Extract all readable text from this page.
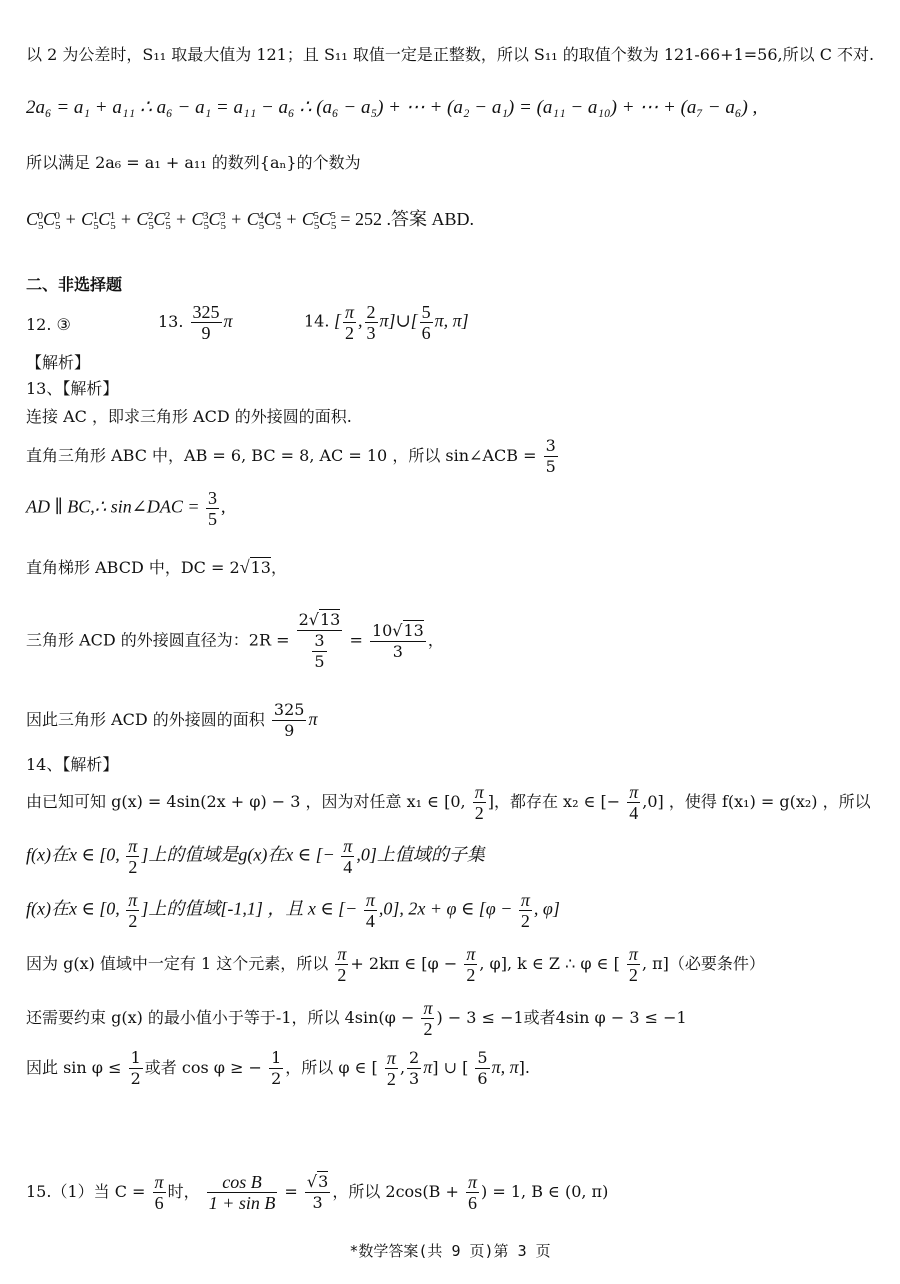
以 2 为公差时，S₁₁ 取最大值为 121；且 S₁₁ 取值一定是正整数，所以 S₁₁ 的取值个数为 121-66+1=56,所以 C 不对.
2a₆ = a₁ + a₁₁ ∴ a₆ − a₁ = a₁₁ − a₆ ∴ (a₆ − a₅) + ⋯ + (a₂ − a₁) = (a₁₁ − a₁₀) + ⋯ + (a₇ − a₆) ,
所以满足 2a₆ = a₁ + a₁₁ 的数列{aₙ}的个数为
$C_5^0C_5^0 + C_5^1C_5^1 + C_5^2C_5^2 + C_5^3C_5^3 + C_5^4C_5^4 + C_5^5C_5^5 = 252$ .答案 ABD.
二、非选择题
12. ③	13. $\frac{325}{9}$ π	14. [ $\frac{\pi}{2}$ , $\frac{2}{3}$ π]∪[ $\frac{5}{6} \pi$, π]
【解析】
13、【解析】
连接 AC ，即求三角形 ACD 的外接圆的面积.
直角三角形 ABC 中，AB = 6, BC = 8, AC = 10 ，所以 sin∠ACB = $\frac{3}{5}$
AD ∥ BC,∴ sin∠DAC = $\frac{3}{5}$ ,
直角梯形 ABCD 中，DC = 2√13，
三角形 ACD 的外接圆直径为：$2R = \frac{2√13}{\frac{3}{5}} = \frac{10√13}{3}$ ，
因此三角形 ACD 的外接圆的面积 $\frac{325}{9}$ π
14、【解析】
由已知可知 g(x) = 4sin(2x + φ) − 3 ，因为对任意 x₁ ∈ [0, $\frac{\pi}{2}$ ]，都存在 x₂ ∈ [− $\frac{\pi}{4} ,0$] ，使得 f(x₁) = g(x₂) ，所以
f(x)在x ∈ [0, $\frac{\pi}{2}$ ]上的值域是g(x)在x ∈ [− $\frac{\pi}{4} ,0$]上值域的子集
f(x)在x ∈ [0, $\frac{\pi}{2}$ ]上的值域[-1,1] ，且 x ∈ [− $\frac{\pi}{4} ,0$], 2x + φ ∈ [$\varphi - \frac{\pi}{2}$ , φ]
因为 g(x) 值域中一定有 1 这个元素，所以 $\frac{\pi}{2} + 2k\pi$ ∈ [$\varphi - \frac{\pi}{2}$ , φ], k ∈ Z ∴ φ ∈ [ $\frac{\pi}{2}$ , π]（必要条件）
还需要约束 g(x) 的最小值小于等于-1，所以 $4\sin(\varphi - \frac{\pi}{2}$ ) − 3 ≤ −1或者4sin φ − 3 ≤ −1
因此 $\sin \varphi \le \frac{1}{2}$ 或者 cos φ ≥ − $\frac{1}{2}$ ，所以 φ ∈ [ $\frac{\pi}{2}$ , $\frac{2}{3} \pi$] ∪ [ $\frac{5}{6} \pi$, π].
15.（1）当 $C = \frac{\pi}{6}$ 时， $\frac{\text{cos B}}{\text{1 + sin B}} = \frac{√3}{3}$ ，所以 $2\cos(B + \frac{\pi}{6}$ ) = 1, B ∈ (0, π)
*数学答案(共 9 页)第 3 页
